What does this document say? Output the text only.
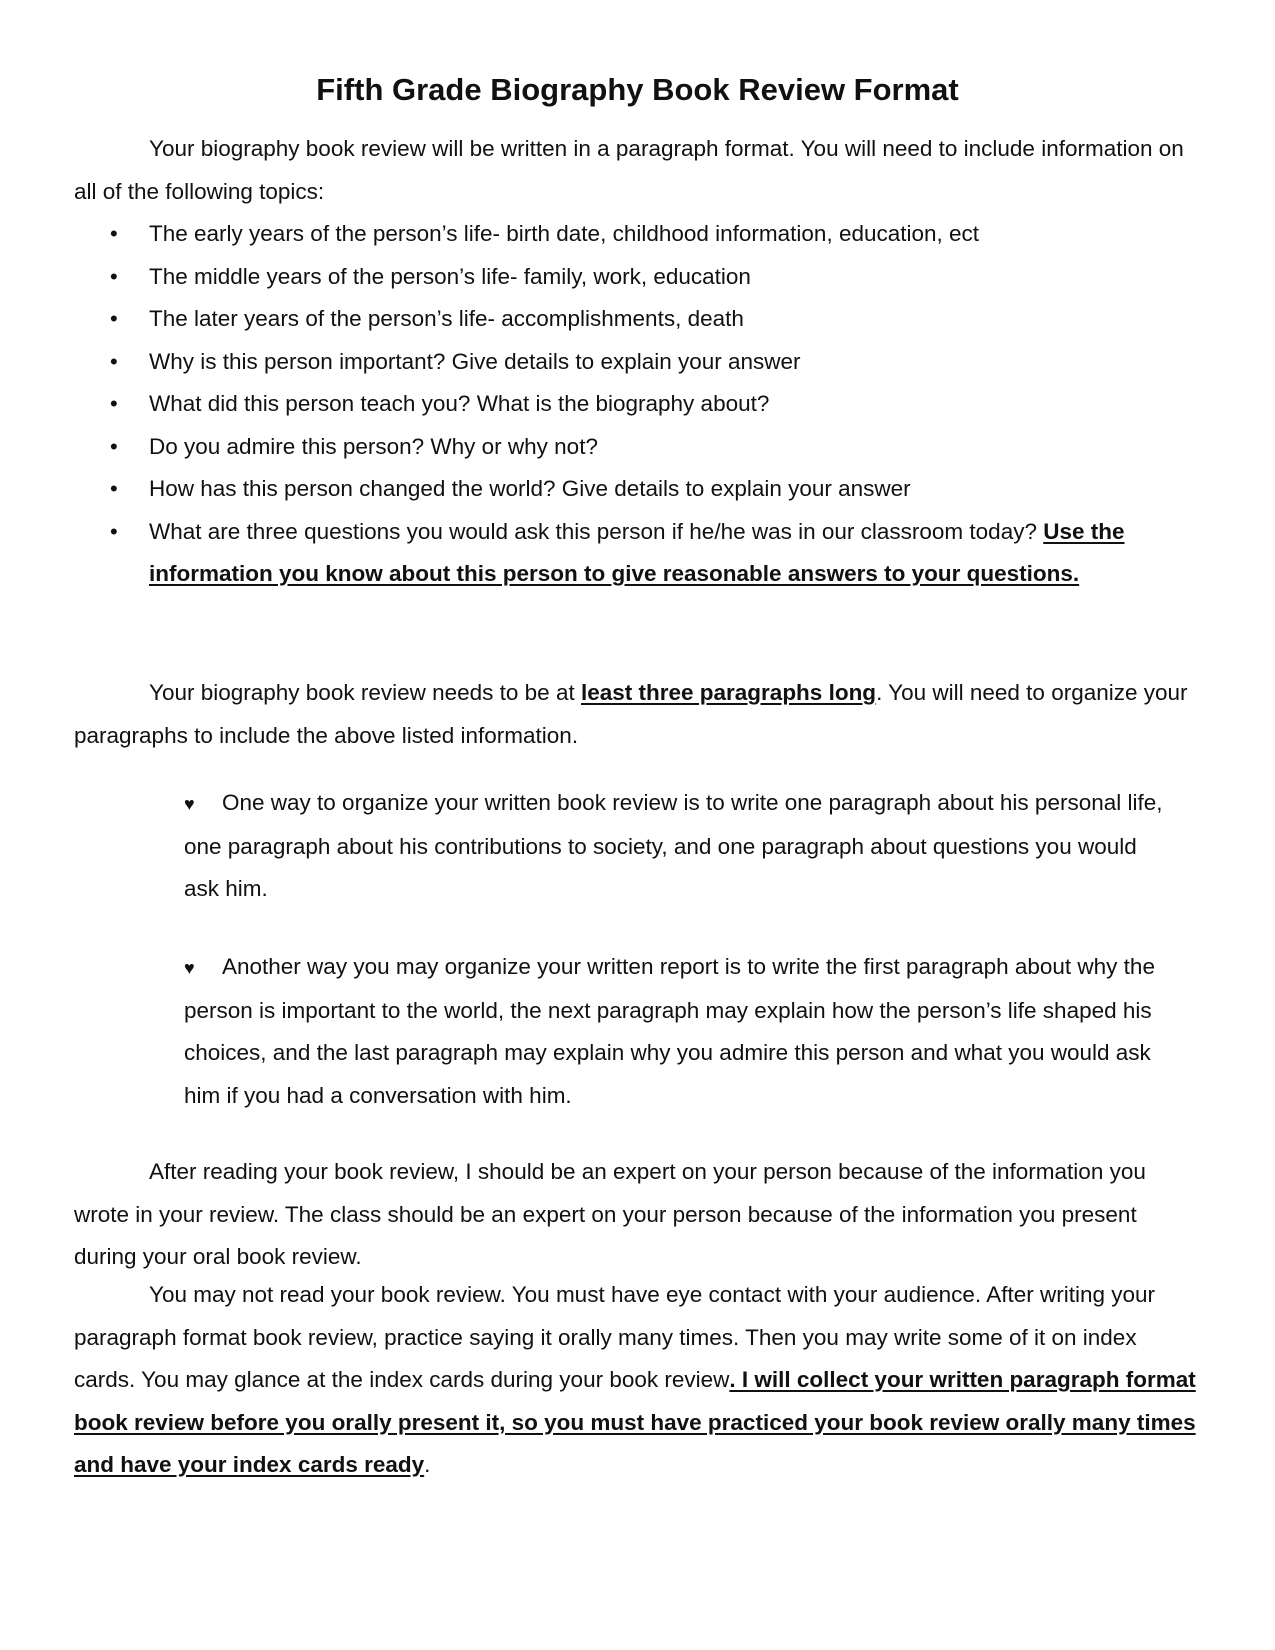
Fifth Grade Biography Book Review Format

Your biography book review will be written in a paragraph format. You will need to include information on all of the following topics:

• The early years of the person’s life- birth date, childhood information, education, ect
• The middle years of the person’s life- family, work, education
• The later years of the person’s life- accomplishments, death
• Why is this person important? Give details to explain your answer
• What did this person teach you? What is the biography about?
• Do you admire this person? Why or why not?
• How has this person changed the world? Give details to explain your answer
• What are three questions you would ask this person if he/he was in our classroom today? Use the information you know about this person to give reasonable answers to your questions.

Your biography book review needs to be at least three paragraphs long. You will need to organize your paragraphs to include the above listed information.

♥ One way to organize your written book review is to write one paragraph about his personal life, one paragraph about his contributions to society, and one paragraph about questions you would ask him.

♥ Another way you may organize your written report is to write the first paragraph about why the person is important to the world, the next paragraph may explain how the person’s life shaped his choices, and the last paragraph may explain why you admire this person and what you would ask him if you had a conversation with him.

After reading your book review, I should be an expert on your person because of the information you wrote in your review. The class should be an expert on your person because of the information you present during your oral book review.

You may not read your book review. You must have eye contact with your audience. After writing your paragraph format book review, practice saying it orally many times. Then you may write some of it on index cards. You may glance at the index cards during your book review. I will collect your written paragraph format book review before you orally present it, so you must have practiced your book review orally many times and have your index cards ready.
